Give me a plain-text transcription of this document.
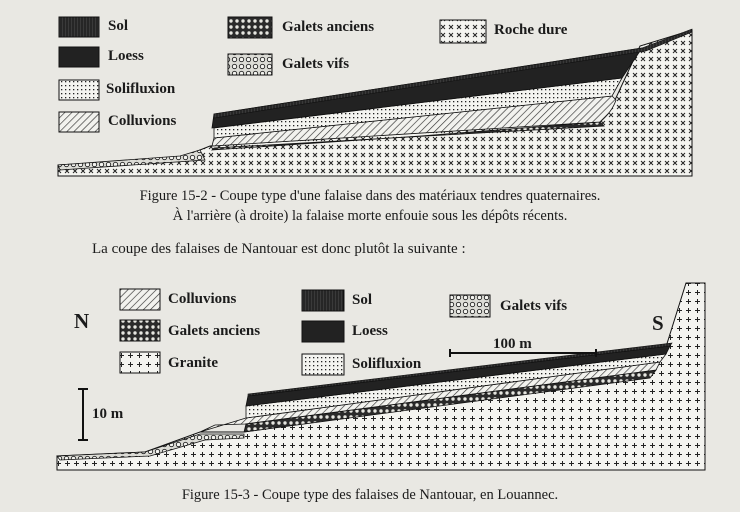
Sol
Loess
Solifluxion
Colluvions
Galets anciens
Galets vifs
Roche dure
Figure 15-2 - Coupe type d'une falaise dans des matériaux tendres quaternaires.
À l'arrière (à droite) la falaise morte enfouie sous les dépôts récents.
La coupe des falaises de Nantouar est donc plutôt la suivante :
Colluvions
Galets anciens
Granite
Sol
Loess
Solifluxion
Galets vifs
N	S
100 m
10 m
Figure 15-3 - Coupe type des falaises de Nantouar, en Louannec.
